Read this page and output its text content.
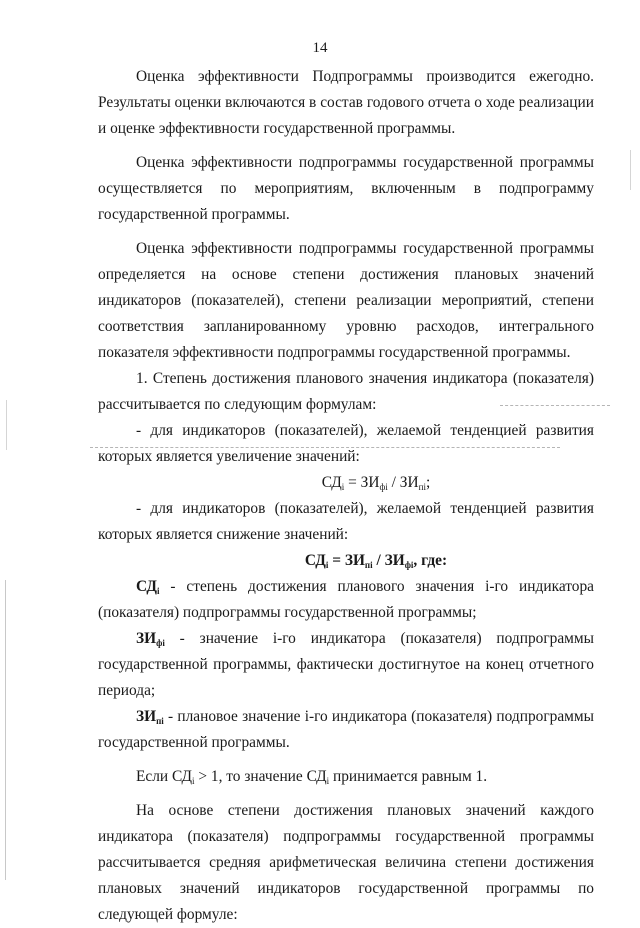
14

Оценка эффективности Подпрограммы производится ежегодно. Результаты оценки включаются в состав годового отчета о ходе реализации и оценке эффективности государственной программы.

Оценка эффективности подпрограммы государственной программы осуществляется по мероприятиям, включенным в подпрограмму государственной программы.

Оценка эффективности подпрограммы государственной программы определяется на основе степени достижения плановых значений индикаторов (показателей), степени реализации мероприятий, степени соответствия запланированному уровню расходов, интегрального показателя эффективности подпрограммы государственной программы.

1. Степень достижения планового значения индикатора (показателя) рассчитывается по следующим формулам:

- для индикаторов (показателей), желаемой тенденцией развития которых является увеличение значений:

$СД_i = ЗИ_{фi} / ЗИ_{пi}$;

- для индикаторов (показателей), желаемой тенденцией развития которых является снижение значений:

$СД_i = ЗИ_{пi} / ЗИ_{фi}$, где:

$СД_i$ - степень достижения планового значения i-го индикатора (показателя) подпрограммы государственной программы;

$ЗИ_{фi}$ - значение i-го индикатора (показателя) подпрограммы государственной программы, фактически достигнутое на конец отчетного периода;

$ЗИ_{пi}$ - плановое значение i-го индикатора (показателя) подпрограммы государственной программы.

Если $СД_i > 1$, то значение $СД_i$ принимается равным 1.

На основе степени достижения плановых значений каждого индикатора (показателя) подпрограммы государственной программы рассчитывается средняя арифметическая величина степени достижения плановых значений индикаторов государственной программы по следующей формуле:
